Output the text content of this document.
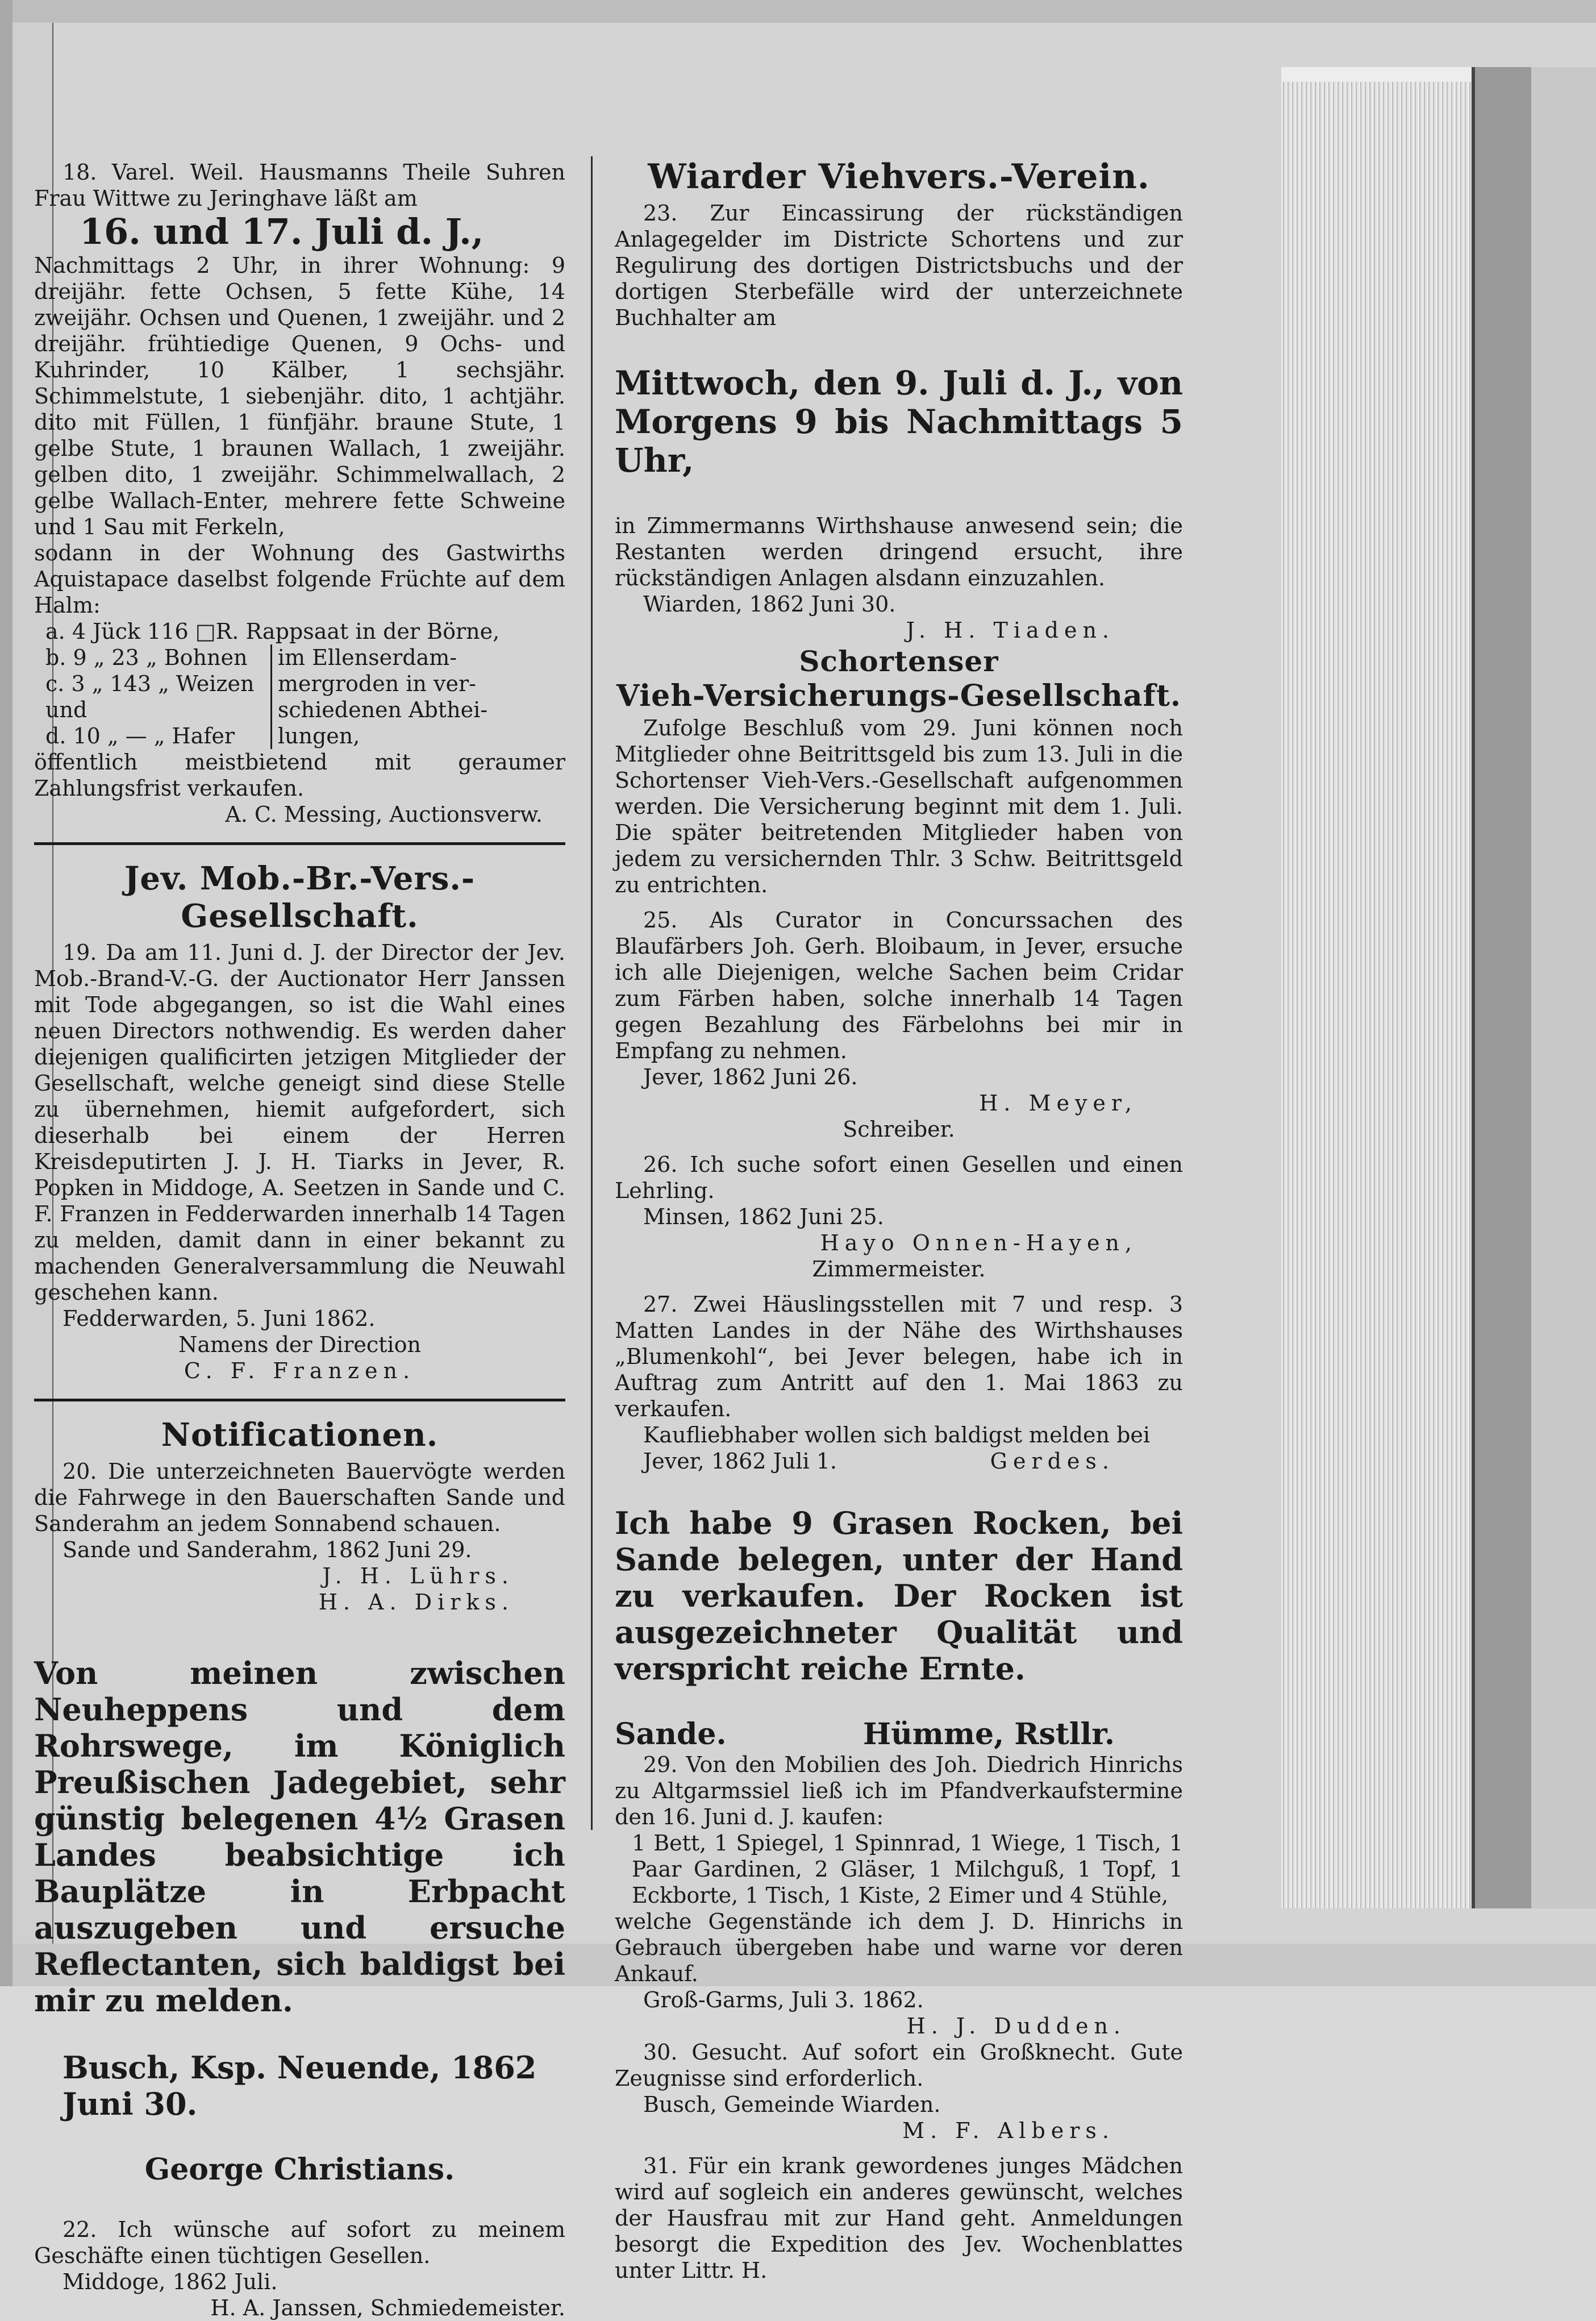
18. Varel. Weil. Hausmanns Theile Suhren Frau Wittwe zu Jeringhave läßt am

16. und 17. Juli d. J.,

Nachmittags 2 Uhr, in ihrer Wohnung: 9 dreijähr. fette Ochsen, 5 fette Kühe, 14 zweijähr. Ochsen und Quenen, 1 zweijähr. und 2 dreijähr. frühtiedige Quenen, 9 Ochs- und Kuhrinder, 10 Kälber, 1 sechsjähr. Schimmelstute, 1 siebenjähr. dito, 1 achtjähr. dito mit Füllen, 1 fünfjähr. braune Stute, 1 gelbe Stute, 1 braunen Wallach, 1 zweijähr. gelben dito, 1 zweijähr. Schimmelwallach, 2 gelbe Wallach-Enter, mehrere fette Schweine und 1 Sau mit Ferkeln,

sodann in der Wohnung des Gastwirths Aquistapace daselbst folgende Früchte auf dem Halm:

a. 4 Jück 116 □R. Rappsaat in der Börne,	
b. 9 „ 23 „ Bohnen	im Ellenserdam-
c. 3 „ 143 „ Weizen	mergroden in ver-
und	schiedenen Abthei-
d. 10 „ — „ Hafer	lungen,

öffentlich meistbietend mit geraumer Zahlungsfrist verkaufen.

A. C. Messing, Auctionsverw.

Jev. Mob.-Br.-Vers.-Gesellschaft.

19. Da am 11. Juni d. J. der Director der Jev. Mob.-Brand-V.-G. der Auctionator Herr Janssen mit Tode abgegangen, so ist die Wahl eines neuen Directors nothwendig. Es werden daher diejenigen qualificirten jetzigen Mitglieder der Gesellschaft, welche geneigt sind diese Stelle zu übernehmen, hiemit aufgefordert, sich dieserhalb bei einem der Herren Kreisdeputirten J. J. H. Tiarks in Jever, R. Popken in Middoge, A. Seetzen in Sande und C. F. Franzen in Fedderwarden innerhalb 14 Tagen zu melden, damit dann in einer bekannt zu machenden Generalversammlung die Neuwahl geschehen kann.

Fedderwarden, 5. Juni 1862.

Namens der Direction

C. F. Franzen.

Notificationen.

20. Die unterzeichneten Bauervögte werden die Fahrwege in den Bauerschaften Sande und Sanderahm an jedem Sonnabend schauen.

Sande und Sanderahm, 1862 Juni 29.

J. H. Lührs.

H. A. Dirks.

Von meinen zwischen Neuheppens und dem Rohrswege, im Königlich Preußischen Jadegebiet, sehr günstig belegenen 4½ Grasen Landes beabsichtige ich Bauplätze in Erbpacht auszugeben und ersuche Reflectanten, sich baldigst bei mir zu melden.

Busch, Ksp. Neuende, 1862 Juni 30.

George Christians.

22. Ich wünsche auf sofort zu meinem Geschäfte einen tüchtigen Gesellen.

Middoge, 1862 Juli.

H. A. Janssen, Schmiedemeister.

Wiarder Viehvers.-Verein.

23. Zur Eincassirung der rückständigen Anlagegelder im Districte Schortens und zur Regulirung des dortigen Districtsbuchs und der dortigen Sterbefälle wird der unterzeichnete Buchhalter am

Mittwoch, den 9. Juli d. J., von Morgens 9 bis Nachmittags 5 Uhr,

in Zimmermanns Wirthshause anwesend sein; die Restanten werden dringend ersucht, ihre rückständigen Anlagen alsdann einzuzahlen.

Wiarden, 1862 Juni 30.

J. H. Tiaden.

Schortenser
Vieh-Versicherungs-Gesellschaft.

Zufolge Beschluß vom 29. Juni können noch Mitglieder ohne Beitrittsgeld bis zum 13. Juli in die Schortenser Vieh-Vers.-Gesellschaft aufgenommen werden. Die Versicherung beginnt mit dem 1. Juli. Die später beitretenden Mitglieder haben von jedem zu versichernden Thlr. 3 Schw. Beitrittsgeld zu entrichten.

25. Als Curator in Concurssachen des Blaufärbers Joh. Gerh. Bloibaum, in Jever, ersuche ich alle Diejenigen, welche Sachen beim Cridar zum Färben haben, solche innerhalb 14 Tagen gegen Bezahlung des Färbelohns bei mir in Empfang zu nehmen.

Jever, 1862 Juni 26.

H. Meyer,

Schreiber.

26. Ich suche sofort einen Gesellen und einen Lehrling.

Minsen, 1862 Juni 25.

Hayo Onnen-Hayen,

Zimmermeister.

27. Zwei Häuslingsstellen mit 7 und resp. 3 Matten Landes in der Nähe des Wirthshauses „Blumenkohl“, bei Jever belegen, habe ich in Auftrag zum Antritt auf den 1. Mai 1863 zu verkaufen.

Kaufliebhaber wollen sich baldigst melden bei

Jever, 1862 Juli 1.	Gerdes.

Ich habe 9 Grasen Rocken, bei Sande belegen, unter der Hand zu verkaufen. Der Rocken ist ausgezeichneter Qualität und verspricht reiche Ernte.

Sande.	Hümme, Rstllr.

29. Von den Mobilien des Joh. Diedrich Hinrichs zu Altgarmssiel ließ ich im Pfandverkaufstermine den 16. Juni d. J. kaufen:

1 Bett, 1 Spiegel, 1 Spinnrad, 1 Wiege, 1 Tisch, 1 Paar Gardinen, 2 Gläser, 1 Milchguß, 1 Topf, 1 Eckborte, 1 Tisch, 1 Kiste, 2 Eimer und 4 Stühle,

welche Gegenstände ich dem J. D. Hinrichs in Gebrauch übergeben habe und warne vor deren Ankauf.

Groß-Garms, Juli 3. 1862.

H. J. Dudden.

30. Gesucht. Auf sofort ein Großknecht. Gute Zeugnisse sind erforderlich.

Busch, Gemeinde Wiarden.

M. F. Albers.

31. Für ein krank gewordenes junges Mädchen wird auf sogleich ein anderes gewünscht, welches der Hausfrau mit zur Hand geht. Anmeldungen besorgt die Expedition des Jev. Wochenblattes unter Littr. H.
